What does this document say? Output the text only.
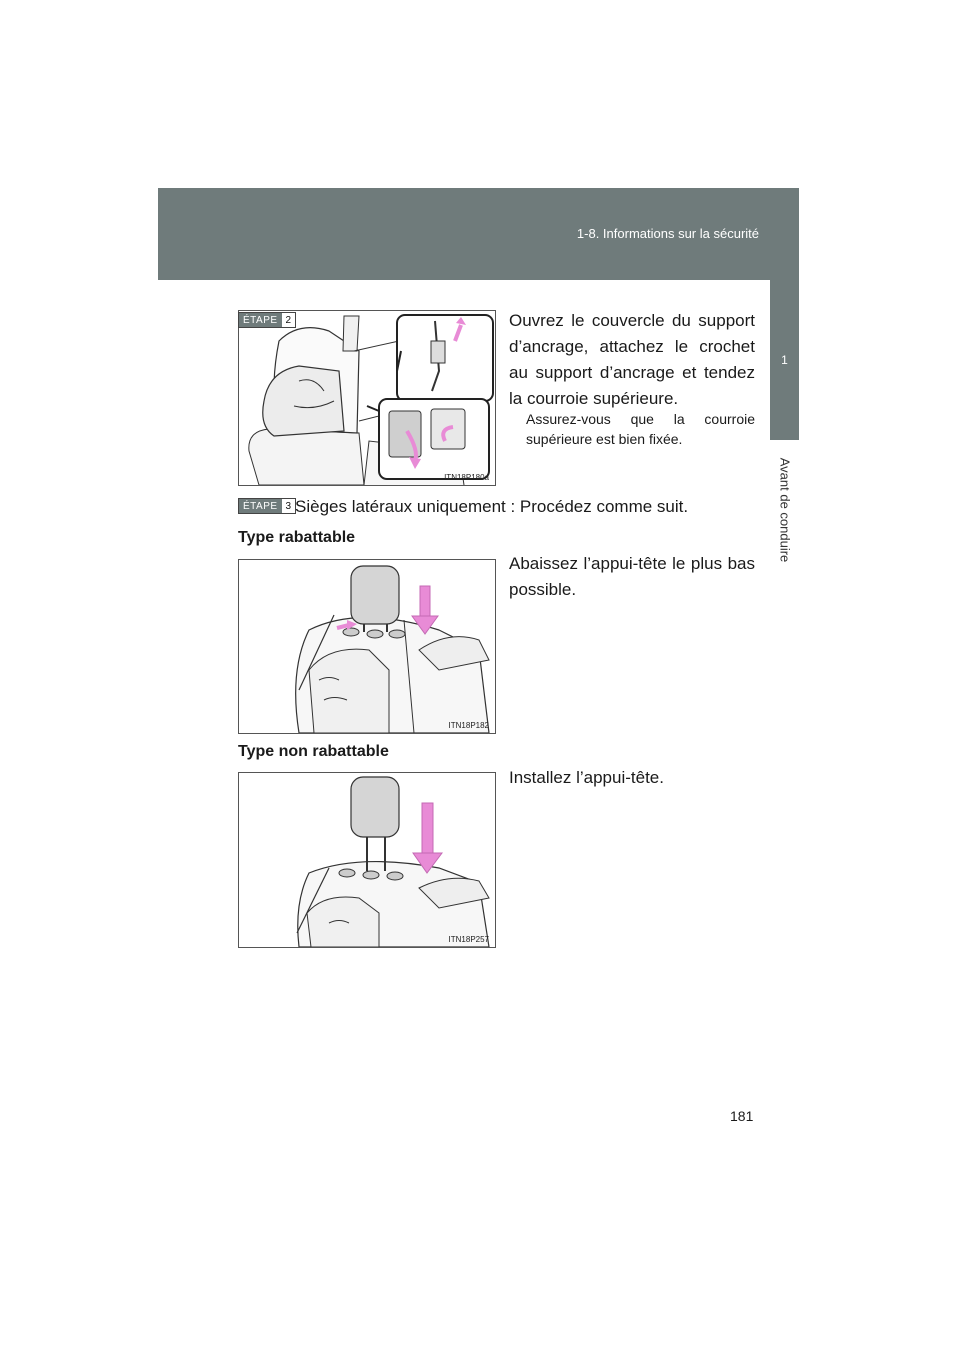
1-8. Informations sur la sécurité
1
Avant de conduire
ITN18P180a
ÉTAPE 2	Ouvrez le couvercle du support d’ancrage, attachez le crochet au support d’ancrage et tendez la courroie supérieure.
Assurez-vous que la courroie supérieure est bien fixée.
ÉTAPE 3 Sièges latéraux uniquement : Procédez comme suit.
Type rabattable
ITN18P182
Abaissez l’appui-tête le plus bas possible.
Type non rabattable
ITN18P257
Installez l’appui-tête.
181
